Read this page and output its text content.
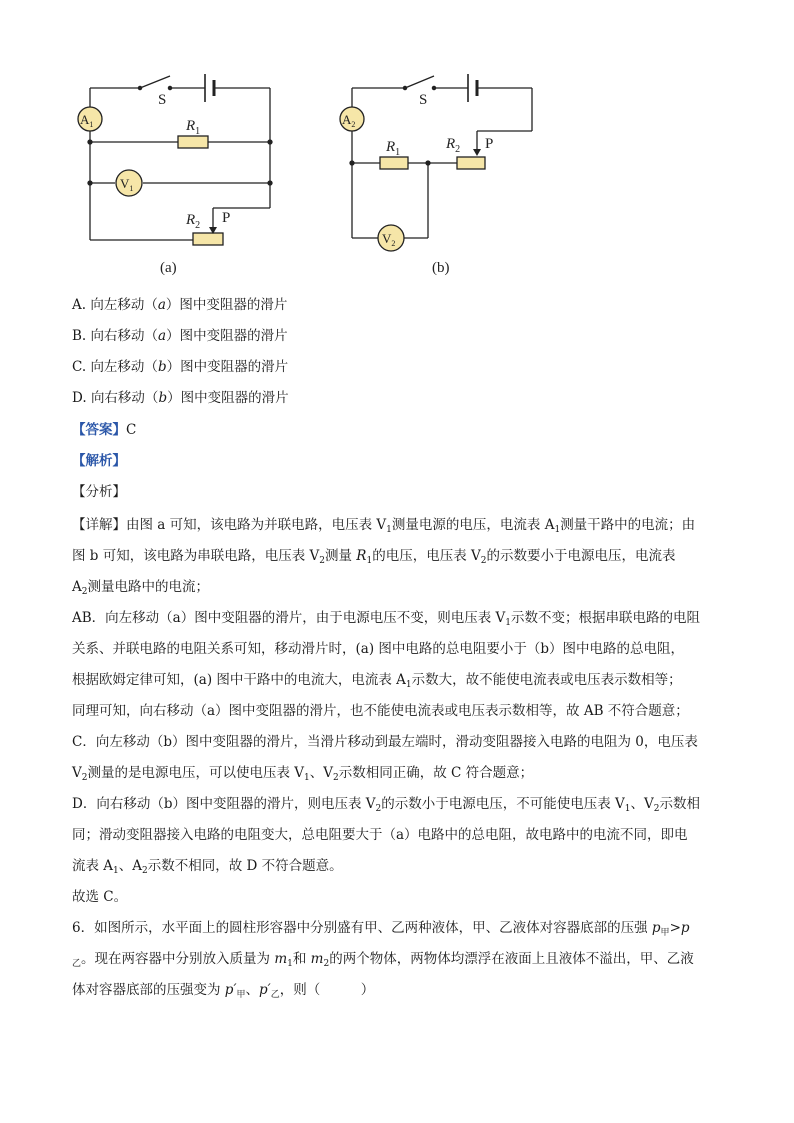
$A_1$
$V_1$
S
$R_1$
$R_2$ P
(a)
$A_2$
$V_2$
S
$R_1$
$R_2$ P
(b)
A. 向左移动（a）图中变阻器的滑片
B. 向右移动（a）图中变阻器的滑片
C. 向左移动（b）图中变阻器的滑片
D. 向右移动（b）图中变阻器的滑片
【答案】C
【解析】
【分析】
【详解】由图 a 可知，该电路为并联电路，电压表 $V_1$测量电源的电压，电流表 $A_1$测量干路中的电流；由
图 b 可知，该电路为串联电路，电压表 $V_2$测量 $R_1$的电压，电压表 $V_2$的示数要小于电源电压，电流表
$A_2$测量电路中的电流；
AB．向左移动（a）图中变阻器的滑片，由于电源电压不变，则电压表 $V_1$示数不变；根据串联电路的电阻
关系、并联电路的电阻关系可知，移动滑片时，(a) 图中电路的总电阻要小于（b）图中电路的总电阻，
根据欧姆定律可知，(a) 图中干路中的电流大，电流表 $A_1$示数大，故不能使电流表或电压表示数相等；
同理可知，向右移动（a）图中变阻器的滑片，也不能使电流表或电压表示数相等，故 AB 不符合题意；
C．向左移动（b）图中变阻器的滑片，当滑片移动到最左端时，滑动变阻器接入电路的电阻为 0，电压表
$V_2$测量的是电源电压，可以使电压表 $V_1$、$V_2$示数相同正确，故 C 符合题意；
D．向右移动（b）图中变阻器的滑片，则电压表 $V_2$的示数小于电源电压，不可能使电压表 $V_1$、$V_2$示数相
同；滑动变阻器接入电路的电阻变大，总电阻要大于（a）电路中的总电阻，故电路中的电流不同，即电
流表 $A_1$、$A_2$示数不相同，故 D 不符合题意。
故选 C。
6．如图所示，水平面上的圆柱形容器中分别盛有甲、乙两种液体，甲、乙液体对容器底部的压强 $p_甲>p$
$_乙$。现在两容器中分别放入质量为 $m_1$和 $m_2$的两个物体，两物体均漂浮在液面上且液体不溢出，甲、乙液
体对容器底部的压强变为 $p'_甲$、$p'_乙$，则（　　　）
